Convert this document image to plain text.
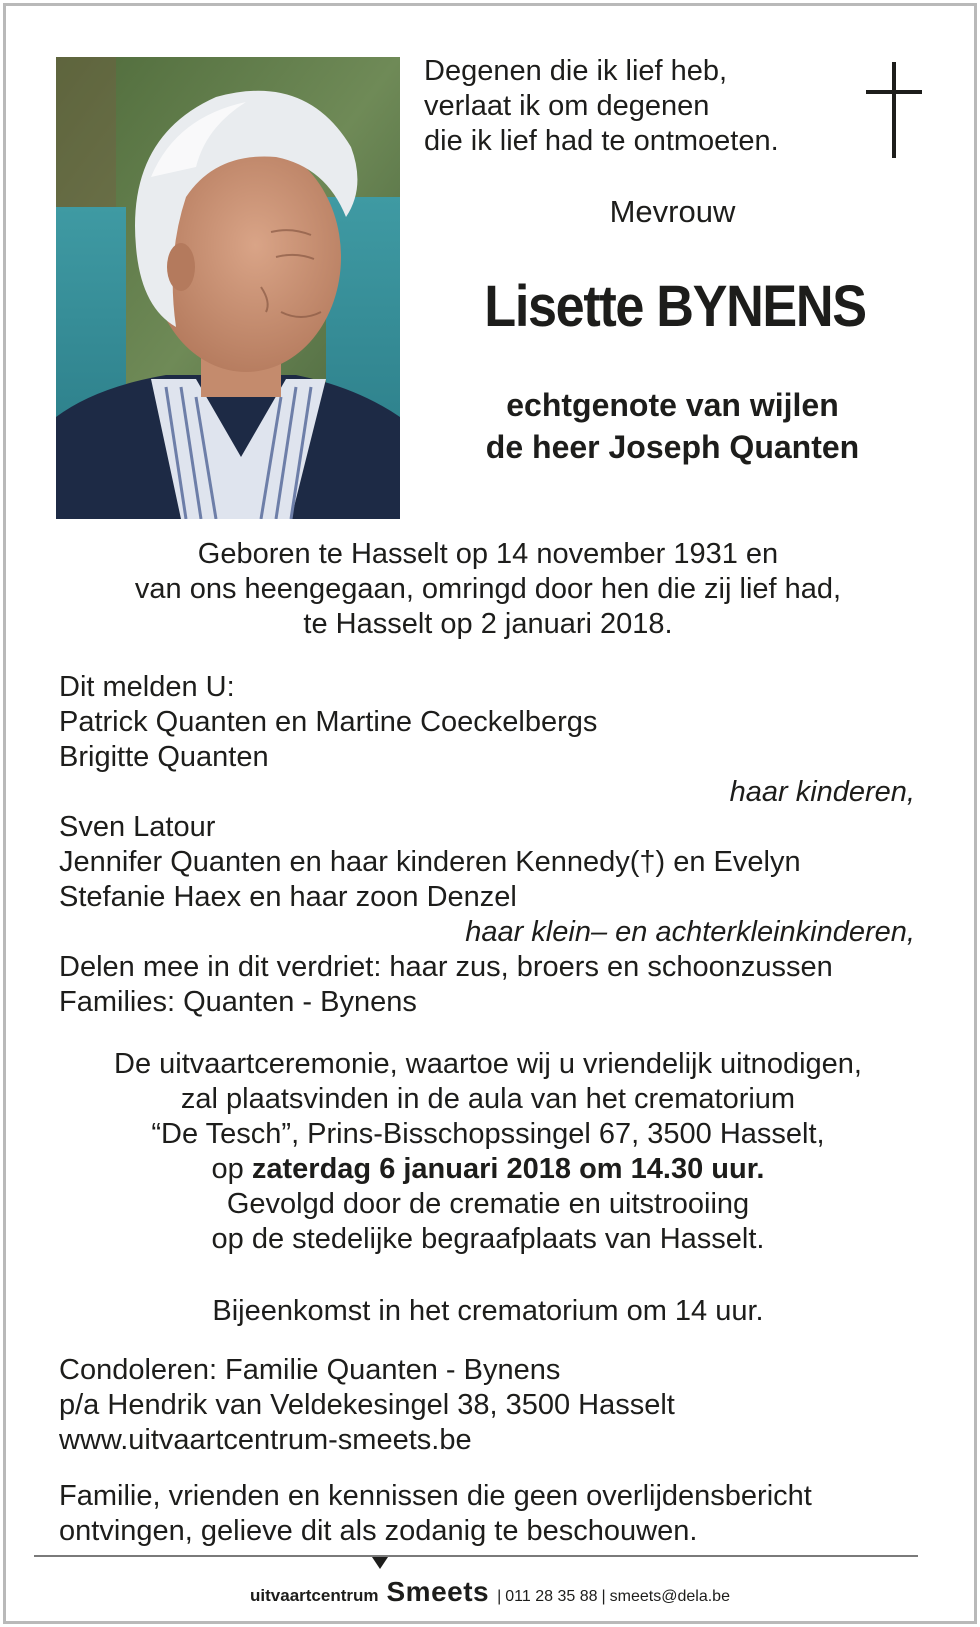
Degenen die ik lief heb,
verlaat ik om degenen
die ik lief had te ontmoeten.
Mevrouw
Lisette BYNENS
echtgenote van wijlen
de heer Joseph Quanten
Geboren te Hasselt op 14 november 1931 en
van ons heengegaan, omringd door hen die zij lief had,
te Hasselt op 2 januari 2018.
Dit melden U:
Patrick Quanten en Martine Coeckelbergs
Brigitte Quanten
haar kinderen,
Sven Latour
Jennifer Quanten en haar kinderen Kennedy(†) en Evelyn
Stefanie Haex en haar zoon Denzel
haar klein– en achterkleinkinderen,
Delen mee in dit verdriet: haar zus, broers en schoonzussen
Families: Quanten - Bynens
De uitvaartceremonie, waartoe wij u vriendelijk uitnodigen,
zal plaatsvinden in de aula van het crematorium
“De Tesch”, Prins-Bisschopssingel 67, 3500 Hasselt,
op zaterdag 6 januari 2018 om 14.30 uur.
Gevolgd door de crematie en uitstrooiing
op de stedelijke begraafplaats van Hasselt.
Bijeenkomst in het crematorium om 14 uur.
Condoleren: Familie Quanten - Bynens
p/a Hendrik van Veldekesingel 38, 3500 Hasselt
www.uitvaartcentrum-smeets.be
Familie, vrienden en kennissen die geen overlijdensbericht
ontvingen, gelieve dit als zodanig te beschouwen.
uitvaartcentrum Smeets | 011 28 35 88 | smeets@dela.be
